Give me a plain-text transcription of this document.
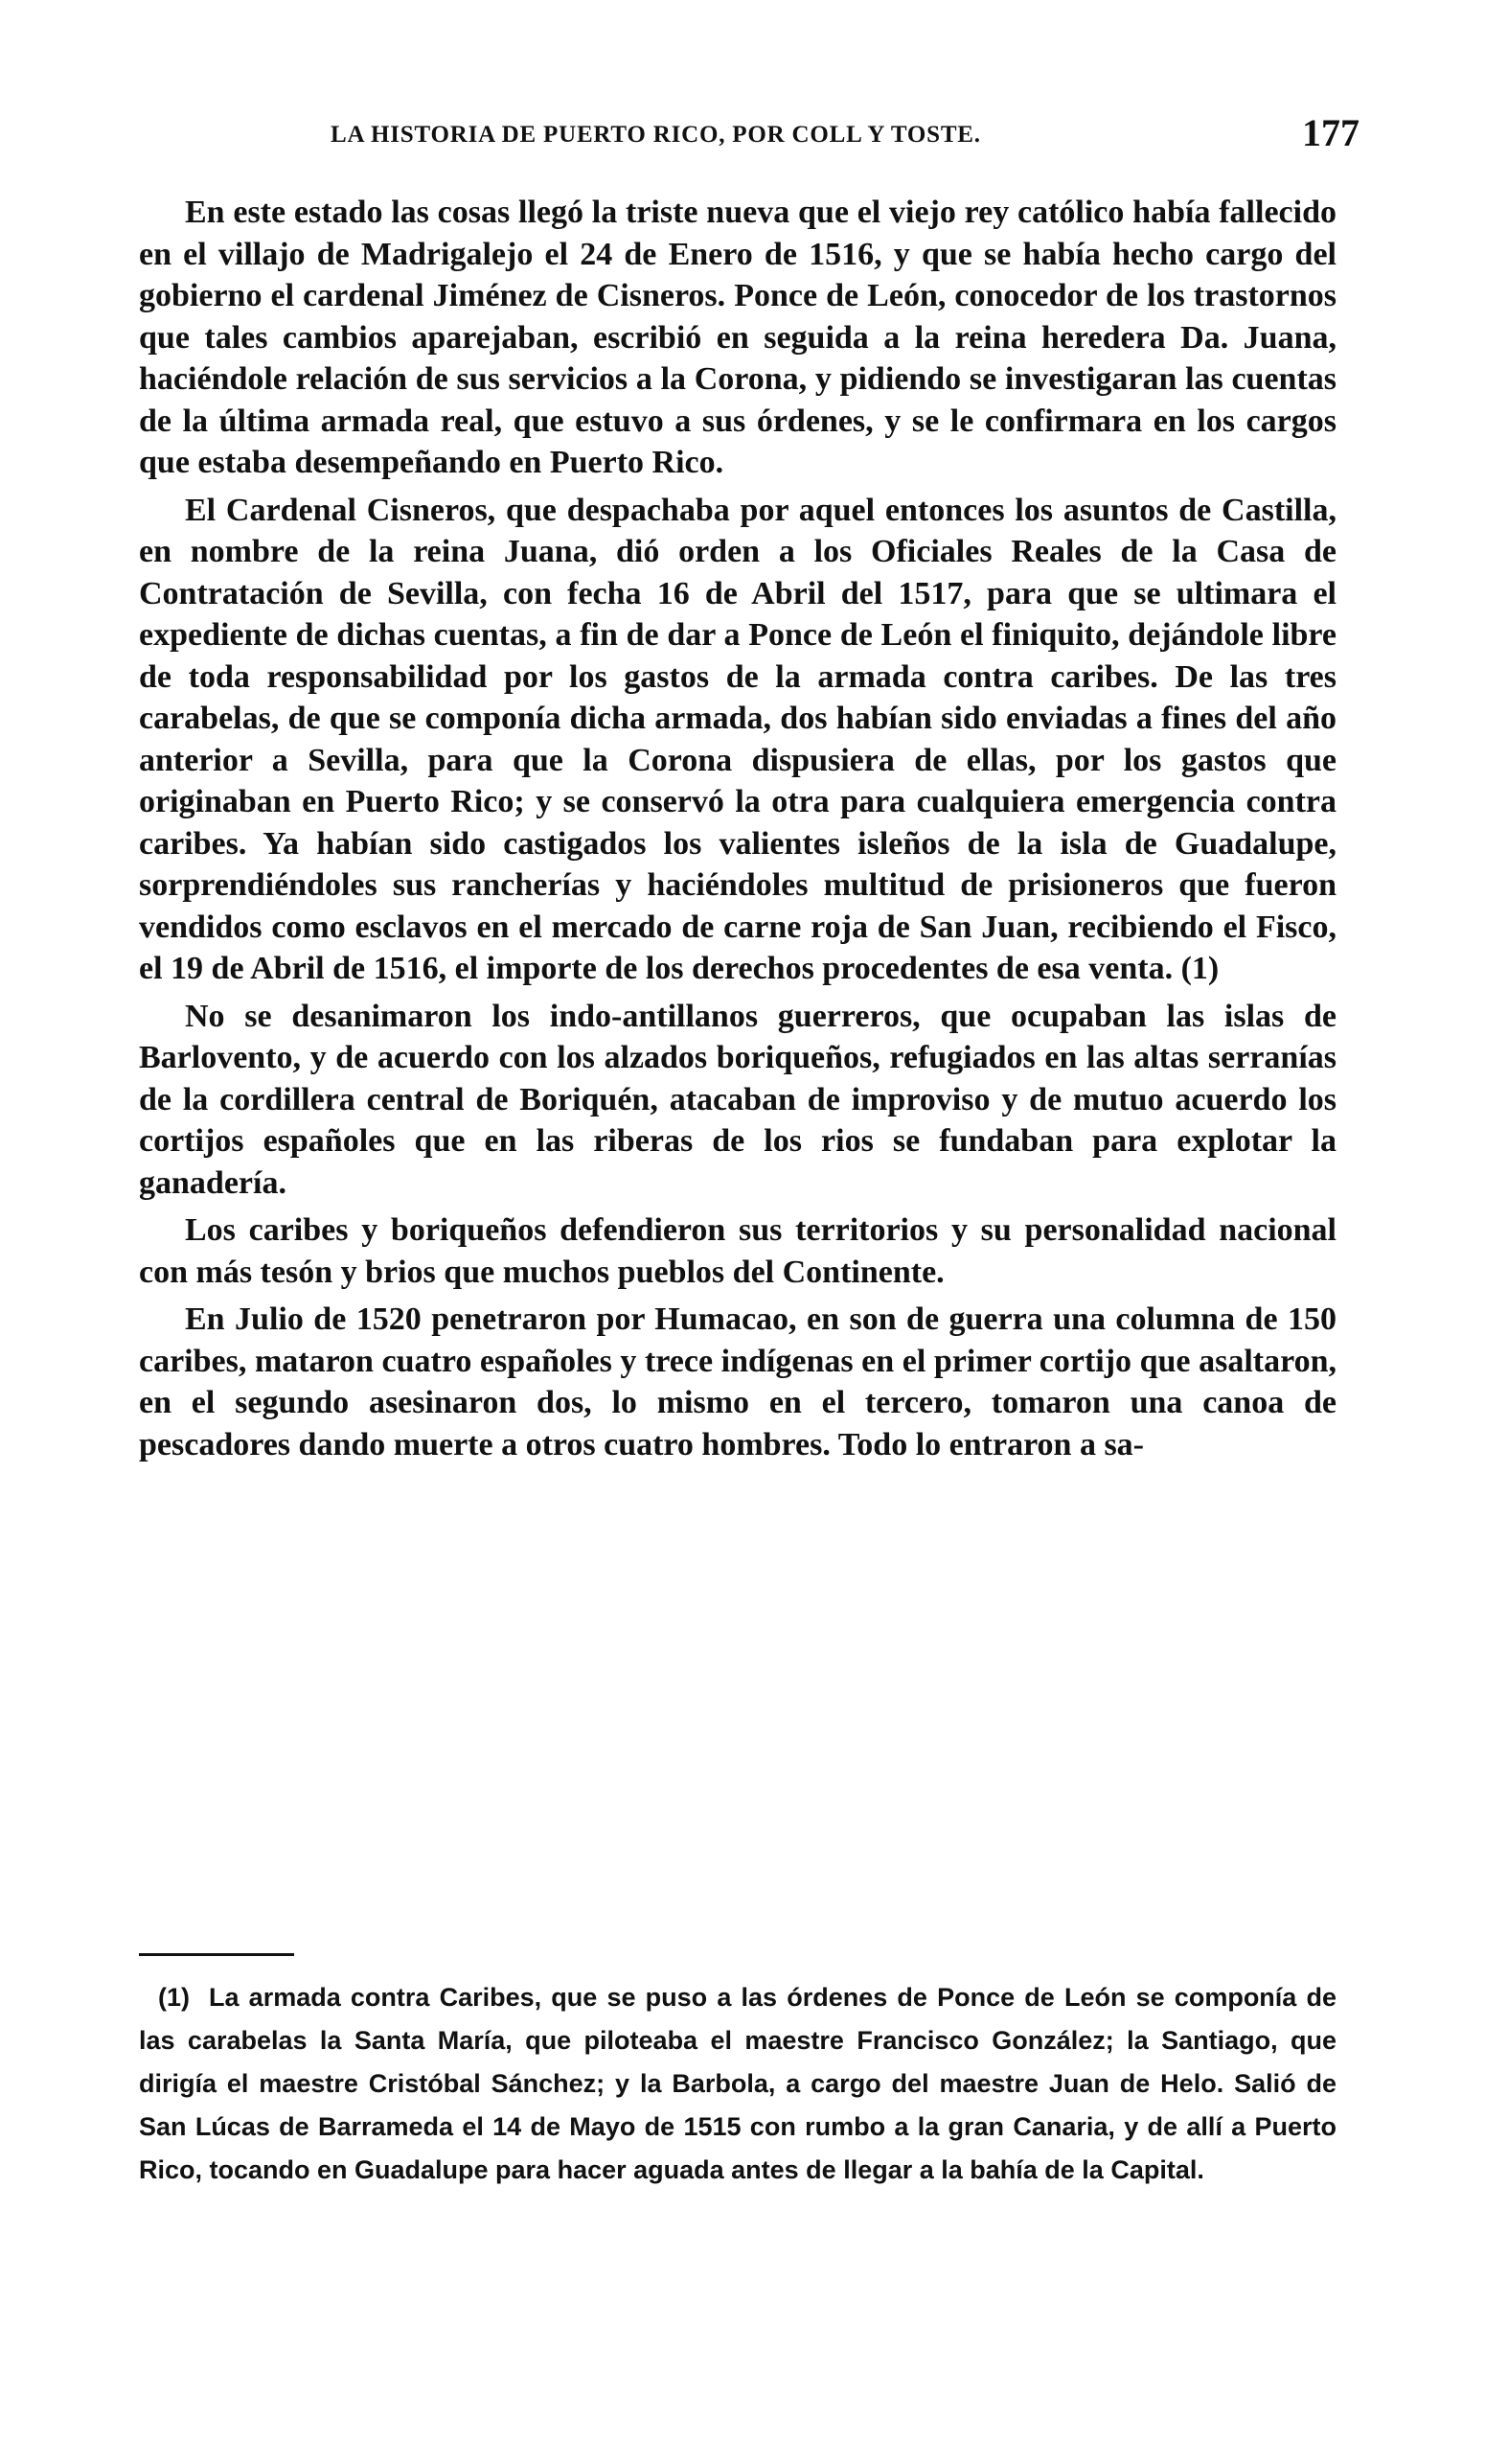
LA HISTORIA DE PUERTO RICO, POR COLL Y TOSTE.	177

En este estado las cosas llegó la triste nueva que el viejo rey católico había fallecido en el villajo de Madrigalejo el 24 de Enero de 1516, y que se había hecho cargo del gobierno el cardenal Jiménez de Cisneros. Ponce de León, conocedor de los trastornos que tales cambios aparejaban, escribió en seguida a la reina heredera Da. Juana, haciéndole relación de sus servicios a la Corona, y pidiendo se investigaran las cuentas de la última armada real, que estuvo a sus órdenes, y se le confirmara en los cargos que estaba desempeñando en Puerto Rico.

El Cardenal Cisneros, que despachaba por aquel entonces los asuntos de Castilla, en nombre de la reina Juana, dió orden a los Oficiales Reales de la Casa de Contratación de Sevilla, con fecha 16 de Abril del 1517, para que se ultimara el expediente de dichas cuentas, a fin de dar a Ponce de León el finiquito, dejándole libre de toda responsabilidad por los gastos de la armada contra caribes. De las tres carabelas, de que se componía dicha armada, dos habían sido enviadas a fines del año anterior a Sevilla, para que la Corona dispusiera de ellas, por los gastos que originaban en Puerto Rico; y se conservó la otra para cualquiera emergencia contra caribes. Ya habían sido castigados los valientes isleños de la isla de Guadalupe, sorprendiéndoles sus rancherías y haciéndoles multitud de prisioneros que fueron vendidos como esclavos en el mercado de carne roja de San Juan, recibiendo el Fisco, el 19 de Abril de 1516, el importe de los derechos procedentes de esa venta. (1)

No se desanimaron los indo-antillanos guerreros, que ocupaban las islas de Barlovento, y de acuerdo con los alzados boriqueños, refugiados en las altas serranías de la cordillera central de Boriquén, atacaban de improviso y de mutuo acuerdo los cortijos españoles que en las riberas de los rios se fundaban para explotar la ganadería.

Los caribes y boriqueños defendieron sus territorios y su personalidad nacional con más tesón y brios que muchos pueblos del Continente.

En Julio de 1520 penetraron por Humacao, en son de guerra una columna de 150 caribes, mataron cuatro españoles y trece indígenas en el primer cortijo que asaltaron, en el segundo asesinaron dos, lo mismo en el tercero, tomaron una canoa de pescadores dando muerte a otros cuatro hombres. Todo lo entraron a sa-

(1) La armada contra Caribes, que se puso a las órdenes de Ponce de León se componía de las carabelas la Santa María, que piloteaba el maestre Francisco González; la Santiago, que dirigía el maestre Cristóbal Sánchez; y la Barbola, a cargo del maestre Juan de Helo. Salió de San Lúcas de Barrameda el 14 de Mayo de 1515 con rumbo a la gran Canaria, y de allí a Puerto Rico, tocando en Guadalupe para hacer aguada antes de llegar a la bahía de la Capital.
